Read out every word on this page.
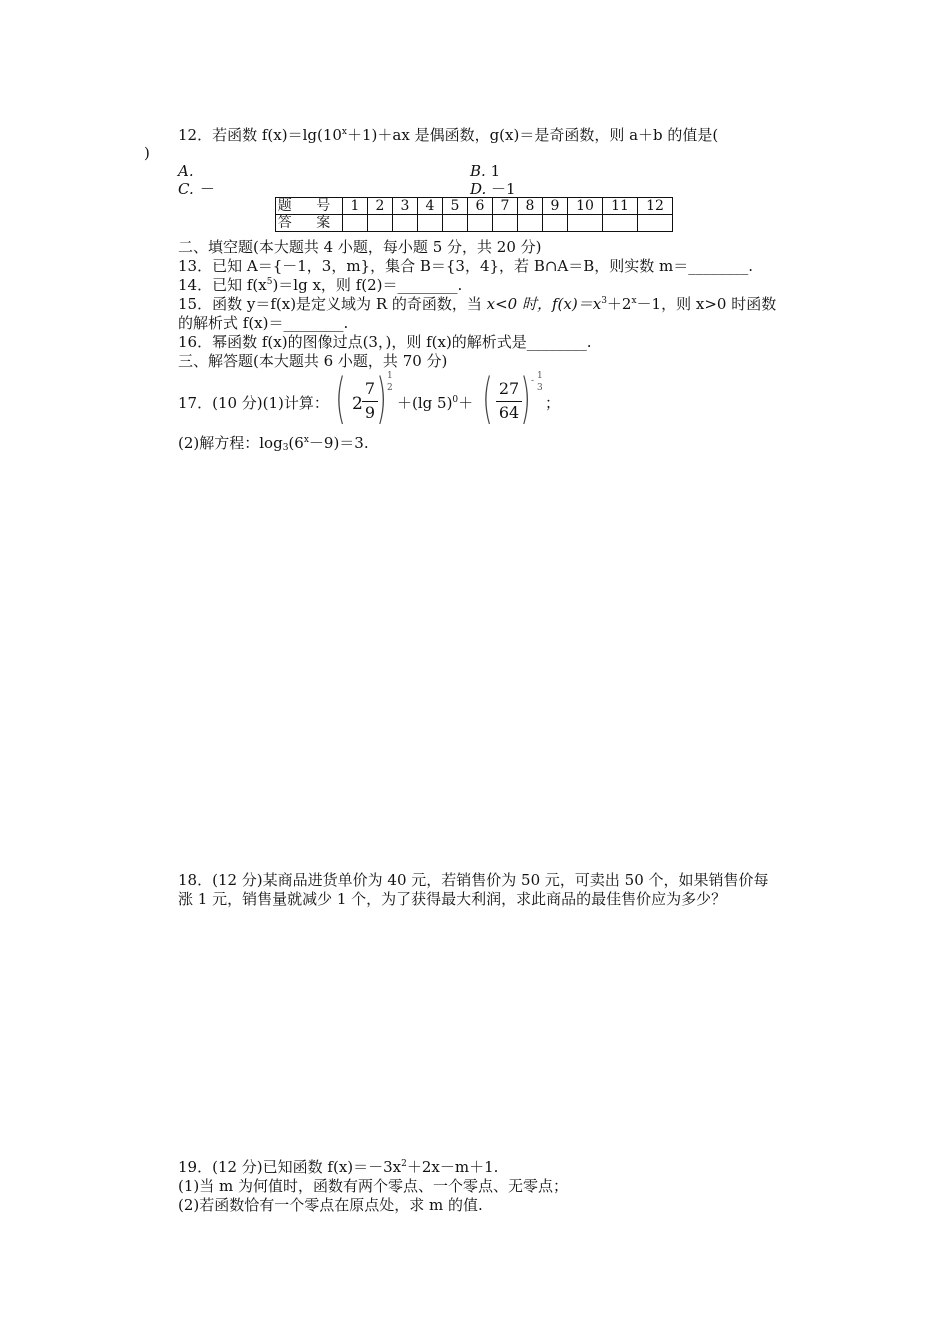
12．若函数 $f(x)=\lg(10^x+1)+ax$ 是偶函数，g(x)＝是奇函数，则 a＋b 的值是(
)
A.	B. 1
C. －	D. －1
题 号	1	2	3	4	5	6	7	8	9	10	11	12
答 案												
二、填空题(本大题共 4 小题，每小题 5 分，共 20 分)
13．已知 A＝{－1，3，m}，集合 B＝{3，4}，若 B∩A＝B，则实数 m＝________.
14．已知 $f(x^5)=\lg$ x，则 f(2)＝________.
15．函数 y＝f(x)是定义域为 R 的奇函数，当 x<0 时，$f(x)=x^3+2^x-1$，则 x>0 时函数
的解析式 f(x)＝________.
16．幂函数 f(x)的图像过点(3，)，则 f(x)的解析式是________.
三、解答题(本大题共 6 小题，共 70 分)
17．(10 分)(1)计算： ( 2
7
9 ) 1
2
＋(lg 5)$^0$＋ ( 27
64 ) - 1
3
；
(2)解方程：$\log_3(6^x-9)=3$.
18．(12 分)某商品进货单价为 40 元，若销售价为 50 元，可卖出 50 个，如果销售价每
涨 1 元，销售量就减少 1 个，为了获得最大利润，求此商品的最佳售价应为多少？
19．(12 分)已知函数 $f(x)=-3x^2+2x-m+1$.
(1)当 m 为何值时，函数有两个零点、一个零点、无零点；
(2)若函数恰有一个零点在原点处，求 m 的值.
